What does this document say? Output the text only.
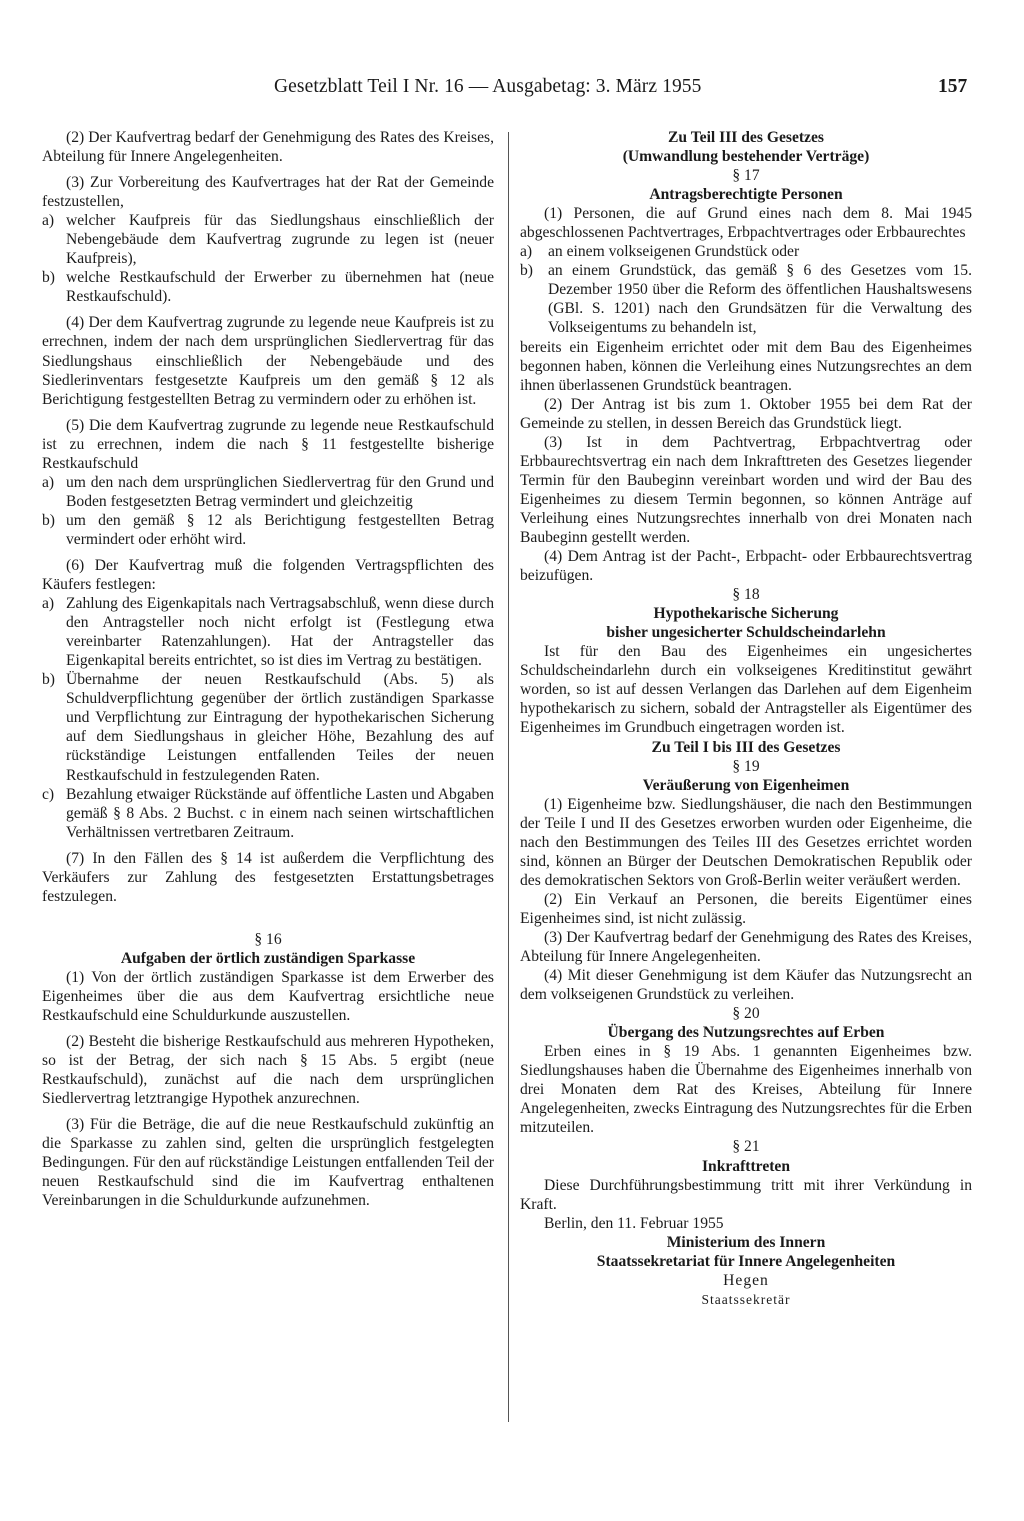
Gesetzblatt Teil I Nr. 16 — Ausgabetag: 3. März 1955	157

(2) Der Kaufvertrag bedarf der Genehmigung des Rates des Kreises, Abteilung für Innere Angelegenheiten.

(3) Zur Vorbereitung des Kaufvertrages hat der Rat der Gemeinde festzustellen,

a) welcher Kaufpreis für das Siedlungshaus einschließlich der Nebengebäude dem Kaufvertrag zugrunde zu legen ist (neuer Kaufpreis),
b) welche Restkaufschuld der Erwerber zu übernehmen hat (neue Restkaufschuld).

(4) Der dem Kaufvertrag zugrunde zu legende neue Kaufpreis ist zu errechnen, indem der nach dem ursprünglichen Siedlervertrag für das Siedlungshaus einschließlich der Nebengebäude und des Siedlerinventars festgesetzte Kaufpreis um den gemäß § 12 als Berichtigung festgestellten Betrag zu vermindern oder zu erhöhen ist.

(5) Die dem Kaufvertrag zugrunde zu legende neue Restkaufschuld ist zu errechnen, indem die nach § 11 festgestellte bisherige Restkaufschuld

a) um den nach dem ursprünglichen Siedlervertrag für den Grund und Boden festgesetzten Betrag vermindert und gleichzeitig
b) um den gemäß § 12 als Berichtigung festgestellten Betrag vermindert oder erhöht wird.

(6) Der Kaufvertrag muß die folgenden Vertragspflichten des Käufers festlegen:

a) Zahlung des Eigenkapitals nach Vertragsabschluß, wenn diese durch den Antragsteller noch nicht erfolgt ist (Festlegung etwa vereinbarter Ratenzahlungen). Hat der Antragsteller das Eigenkapital bereits entrichtet, so ist dies im Vertrag zu bestätigen.
b) Übernahme der neuen Restkaufschuld (Abs. 5) als Schuldverpflichtung gegenüber der örtlich zuständigen Sparkasse und Verpflichtung zur Eintragung der hypothekarischen Sicherung auf dem Siedlungshaus in gleicher Höhe, Bezahlung des auf rückständige Leistungen entfallenden Teiles der neuen Restkaufschuld in festzulegenden Raten.
c) Bezahlung etwaiger Rückstände auf öffentliche Lasten und Abgaben gemäß § 8 Abs. 2 Buchst. c in einem nach seinen wirtschaftlichen Verhältnissen vertretbaren Zeitraum.

(7) In den Fällen des § 14 ist außerdem die Verpflichtung des Verkäufers zur Zahlung des festgesetzten Erstattungsbetrages festzulegen.

§ 16

Aufgaben der örtlich zuständigen Sparkasse

(1) Von der örtlich zuständigen Sparkasse ist dem Erwerber des Eigenheimes über die aus dem Kaufvertrag ersichtliche neue Restkaufschuld eine Schuldurkunde auszustellen.

(2) Besteht die bisherige Restkaufschuld aus mehreren Hypotheken, so ist der Betrag, der sich nach § 15 Abs. 5 ergibt (neue Restkaufschuld), zunächst auf die nach dem ursprünglichen Siedlervertrag letztrangige Hypothek anzurechnen.

(3) Für die Beträge, die auf die neue Restkaufschuld zukünftig an die Sparkasse zu zahlen sind, gelten die ursprünglich festgelegten Bedingungen. Für den auf rückständige Leistungen entfallenden Teil der neuen Restkaufschuld sind die im Kaufvertrag enthaltenen Vereinbarungen in die Schuldurkunde aufzunehmen.

Zu Teil III des Gesetzes

(Umwandlung bestehender Verträge)

§ 17

Antragsberechtigte Personen

(1) Personen, die auf Grund eines nach dem 8. Mai 1945 abgeschlossenen Pachtvertrages, Erbpachtvertrages oder Erbbaurechtes

a)	an einem volkseigenen Grundstück oder
b) an einem Grundstück, das gemäß § 6 des Gesetzes vom 15. Dezember 1950 über die Reform des öffentlichen Haushaltswesens (GBl. S. 1201) nach den Grundsätzen für die Verwaltung des Volkseigentums zu behandeln ist,

bereits ein Eigenheim errichtet oder mit dem Bau des Eigenheimes begonnen haben, können die Verleihung eines Nutzungsrechtes an dem ihnen überlassenen Grundstück beantragen.

(2) Der Antrag ist bis zum 1. Oktober 1955 bei dem Rat der Gemeinde zu stellen, in dessen Bereich das Grundstück liegt.

(3) Ist in dem Pachtvertrag, Erbpachtvertrag oder Erbbaurechtsvertrag ein nach dem Inkrafttreten des Gesetzes liegender Termin für den Baubeginn vereinbart worden und wird der Bau des Eigenheimes zu diesem Termin begonnen, so können Anträge auf Verleihung eines Nutzungsrechtes innerhalb von drei Monaten nach Baubeginn gestellt werden.

(4) Dem Antrag ist der Pacht-, Erbpacht- oder Erbbaurechtsvertrag beizufügen.

§ 18

Hypothekarische Sicherung

bisher ungesicherter Schuldscheindarlehn

Ist für den Bau des Eigenheimes ein ungesichertes Schuldscheindarlehn durch ein volkseigenes Kreditinstitut gewährt worden, so ist auf dessen Verlangen das Darlehen auf dem Eigenheim hypothekarisch zu sichern, sobald der Antragsteller als Eigentümer des Eigenheimes im Grundbuch eingetragen worden ist.

Zu Teil I bis III des Gesetzes

§ 19

Veräußerung von Eigenheimen

(1) Eigenheime bzw. Siedlungshäuser, die nach den Bestimmungen der Teile I und II des Gesetzes erworben wurden oder Eigenheime, die nach den Bestimmungen des Teiles III des Gesetzes errichtet worden sind, können an Bürger der Deutschen Demokratischen Republik oder des demokratischen Sektors von Groß-Berlin weiter veräußert werden.

(2) Ein Verkauf an Personen, die bereits Eigentümer eines Eigenheimes sind, ist nicht zulässig.

(3) Der Kaufvertrag bedarf der Genehmigung des Rates des Kreises, Abteilung für Innere Angelegenheiten.

(4) Mit dieser Genehmigung ist dem Käufer das Nutzungsrecht an dem volkseigenen Grundstück zu verleihen.

§ 20

Übergang des Nutzungsrechtes auf Erben

Erben eines in § 19 Abs. 1 genannten Eigenheimes bzw. Siedlungshauses haben die Übernahme des Eigenheimes innerhalb von drei Monaten dem Rat des Kreises, Abteilung für Innere Angelegenheiten, zwecks Eintragung des Nutzungsrechtes für die Erben mitzuteilen.

§ 21

Inkrafttreten

Diese Durchführungsbestimmung tritt mit ihrer Verkündung in Kraft.

Berlin, den 11. Februar 1955

Ministerium des Innern

Staatssekretariat für Innere Angelegenheiten

Hegen

Staatssekretär
